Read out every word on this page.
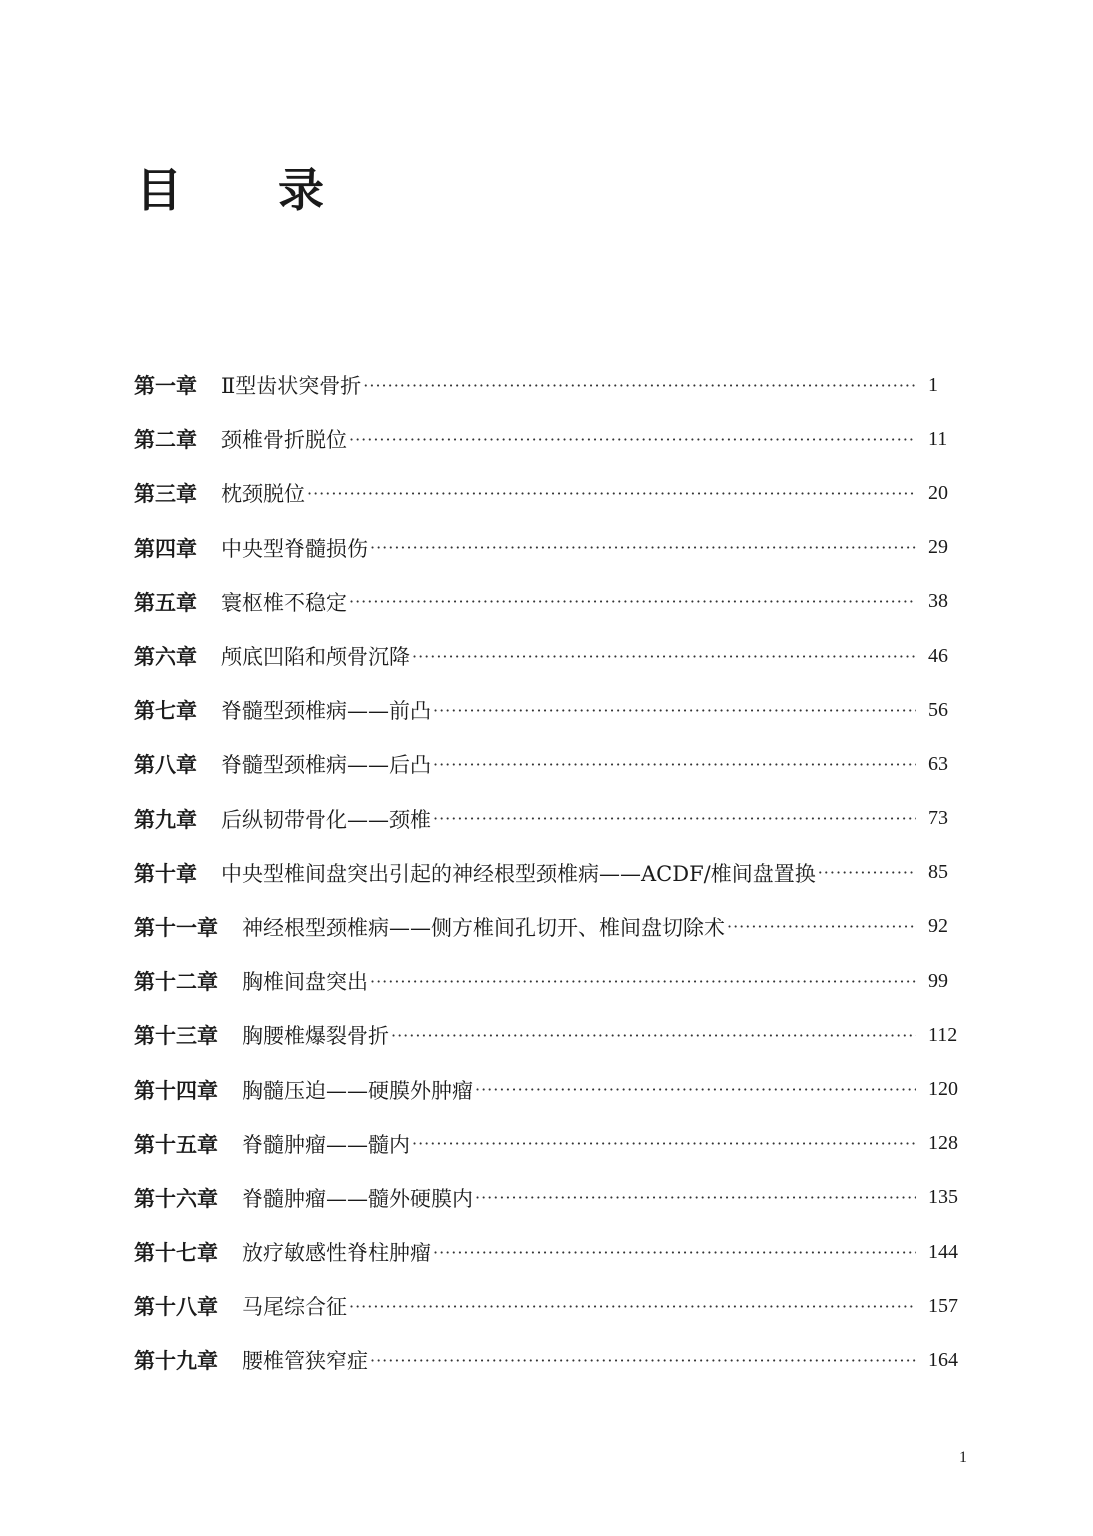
目 录
第一章 Ⅱ型齿状突骨折 ·····	1
第二章 颈椎骨折脱位 ·····	11
第三章 枕颈脱位 ·····	20
第四章 中央型脊髓损伤 ·····	29
第五章 寰枢椎不稳定 ·····	38
第六章 颅底凹陷和颅骨沉降 ·····	46
第七章 脊髓型颈椎病——前凸 ·····	56
第八章 脊髓型颈椎病——后凸 ·····	63
第九章 后纵韧带骨化——颈椎 ·····	73
第十章 中央型椎间盘突出引起的神经根型颈椎病——ACDF/椎间盘置换 ·····	85
第十一章 神经根型颈椎病——侧方椎间孔切开、椎间盘切除术 ·····	92
第十二章 胸椎间盘突出 ·····	99
第十三章 胸腰椎爆裂骨折 ·····	112
第十四章 胸髓压迫——硬膜外肿瘤 ·····	120
第十五章 脊髓肿瘤——髓内 ·····	128
第十六章 脊髓肿瘤——髓外硬膜内 ·····	135
第十七章 放疗敏感性脊柱肿瘤 ·····	144
第十八章 马尾综合征 ·····	157
第十九章 腰椎管狭窄症 ·····	164
1
